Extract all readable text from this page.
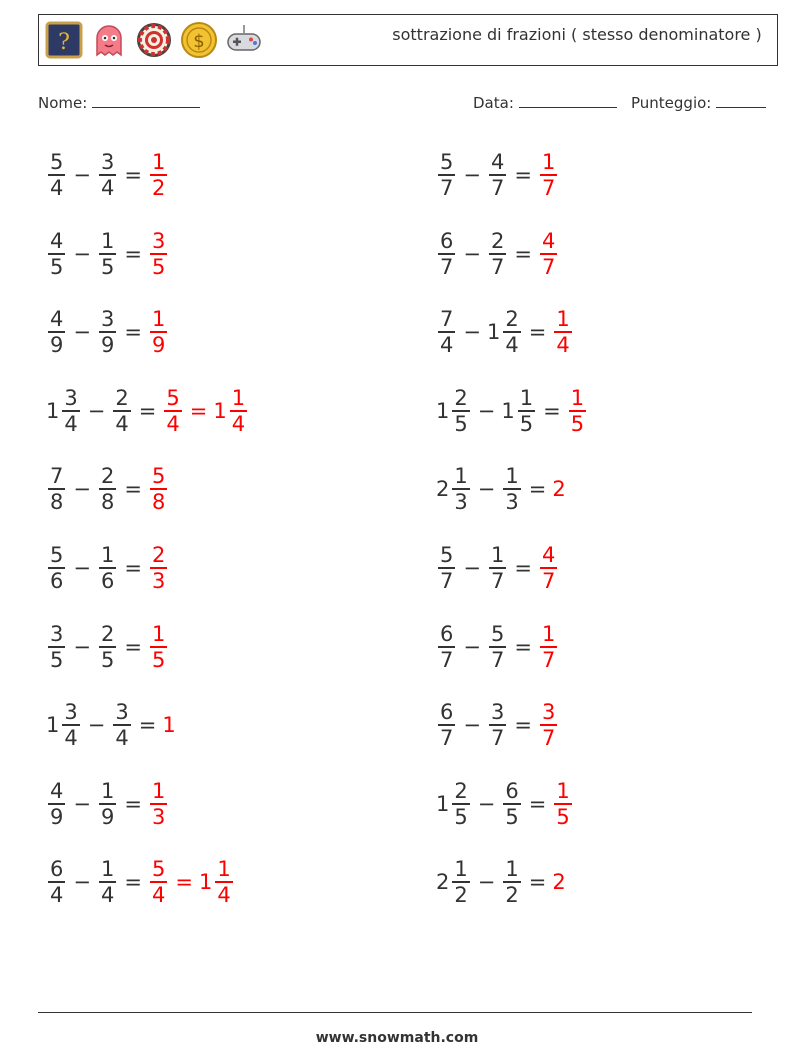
?	$	sottrazione di frazioni ( stesso denominatore )
Nome:	Data:	Punteggio:
$\frac{5}{4} - \frac{3}{4} = \frac{1}{2}$	$\frac{5}{7} - \frac{4}{7} = \frac{1}{7}$
$\frac{4}{5} - \frac{1}{5} = \frac{3}{5}$	$\frac{6}{7} - \frac{2}{7} = \frac{4}{7}$
$\frac{4}{9} - \frac{3}{9} = \frac{1}{9}$	$\frac{7}{4} - 1 \frac{2}{4} = \frac{1}{4}$
$1 \frac{3}{4} - \frac{2}{4} = \frac{5}{4} = 1 \frac{1}{4}$	$1 \frac{2}{5} - 1 \frac{1}{5} = \frac{1}{5}$
$\frac{7}{8} - \frac{2}{8} = \frac{5}{8}$	$2 \frac{1}{3} - \frac{1}{3} = 2$
$\frac{5}{6} - \frac{1}{6} = \frac{2}{3}$	$\frac{5}{7} - \frac{1}{7} = \frac{4}{7}$
$\frac{3}{5} - \frac{2}{5} = \frac{1}{5}$	$\frac{6}{7} - \frac{5}{7} = \frac{1}{7}$
$1 \frac{3}{4} - \frac{3}{4} = 1$	$\frac{6}{7} - \frac{3}{7} = \frac{3}{7}$
$\frac{4}{9} - \frac{1}{9} = \frac{1}{3}$	$1 \frac{2}{5} - \frac{6}{5} = \frac{1}{5}$
$\frac{6}{4} - \frac{1}{4} = \frac{5}{4} = 1 \frac{1}{4}$	$2 \frac{1}{2} - \frac{1}{2} = 2$
www.snowmath.com
